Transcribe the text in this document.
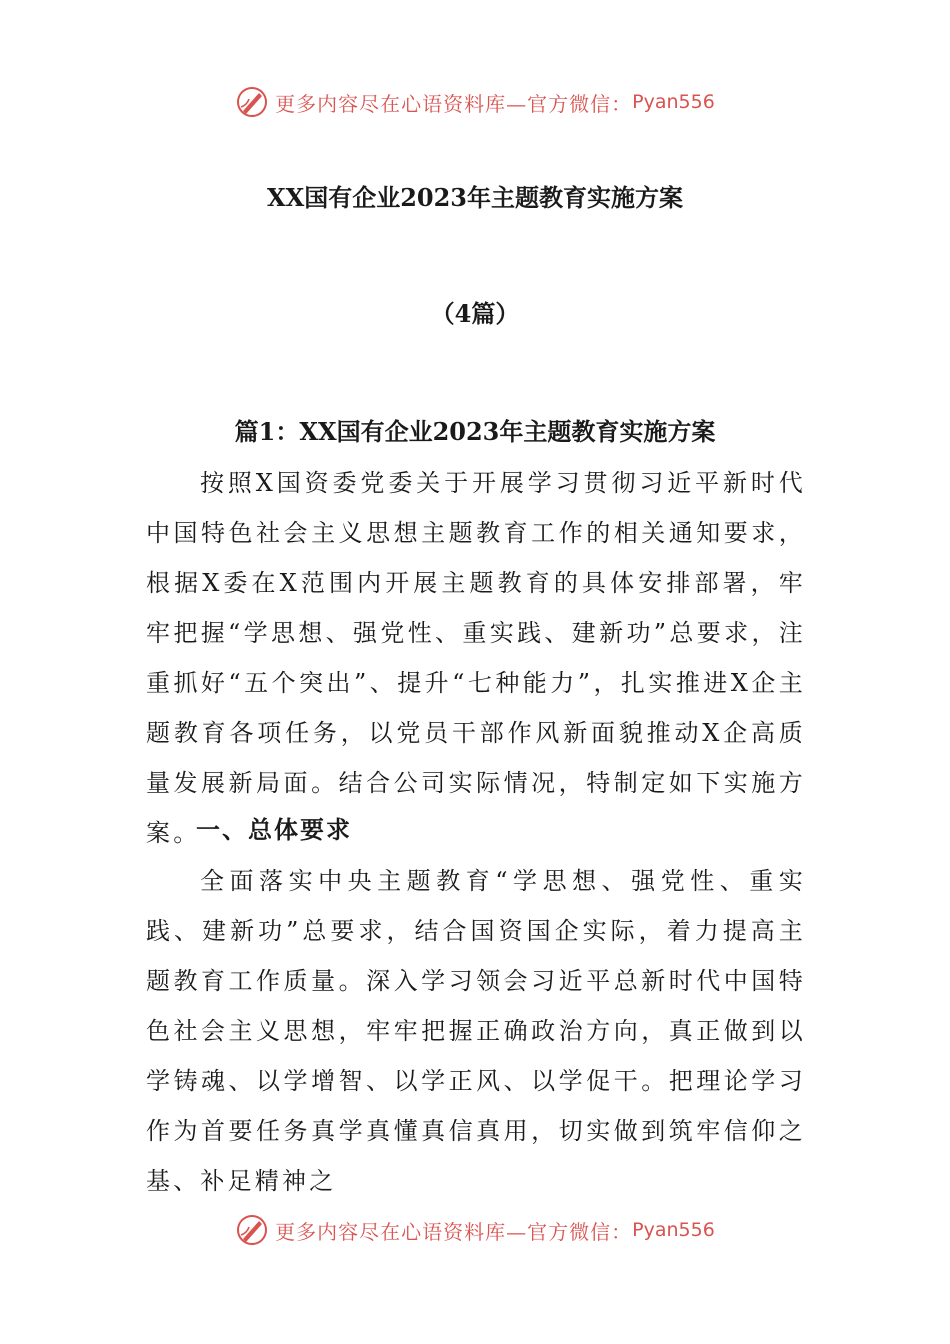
更多内容尽在心语资料库—官方微信： Pyan556
XX国有企业2023年主题教育实施方案
（4篇）
篇1：XX国有企业2023年主题教育实施方案

按照X国资委党委关于开展学习贯彻习近平新时代中国特色社会主义思想主题教育工作的相关通知要求，根据X委在X范围内开展主题教育的具体安排部署，牢牢把握“学思想、强党性、重实践、建新功”总要求，注重抓好“五个突出”、提升“七种能力”，扎实推进X企主题教育各项任务，以党员干部作风新面貌推动X企高质量发展新局面。结合公司实际情况，特制定如下实施方案。

一、总体要求

全面落实中央主题教育“学思想、强党性、重实践、建新功”总要求，结合国资国企实际，着力提高主题教育工作质量。深入学习领会习近平总新时代中国特色社会主义思想，牢牢把握正确政治方向，真正做到以学铸魂、以学增智、以学正风、以学促干。把理论学习作为首要任务真学真懂真信真用，切实做到筑牢信仰之基、补足精神之

更多内容尽在心语资料库—官方微信： Pyan556
